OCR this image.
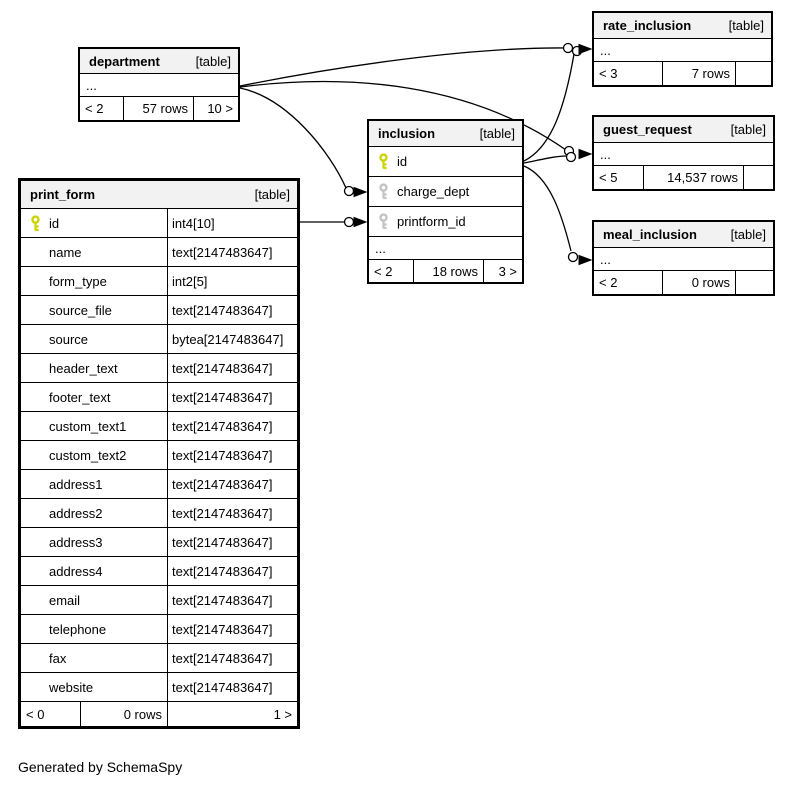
department	[table]
...
< 2	57 rows	10 >
rate_inclusion	[table]
...
< 3	7 rows
guest_request	[table]
...
< 5	14,537 rows
meal_inclusion	[table]
...
< 2	0 rows
inclusion	[table]
id
charge_dept
printform_id
...
< 2	18 rows	3 >
print_form	[table]
id	int4[10]
name	text[2147483647]
form_type	int2[5]
source_file	text[2147483647]
source	bytea[2147483647]
header_text	text[2147483647]
footer_text	text[2147483647]
custom_text1	text[2147483647]
custom_text2	text[2147483647]
address1	text[2147483647]
address2	text[2147483647]
address3	text[2147483647]
address4	text[2147483647]
email	text[2147483647]
telephone	text[2147483647]
fax	text[2147483647]
website	text[2147483647]
< 0	0 rows	1 >
Generated by SchemaSpy
